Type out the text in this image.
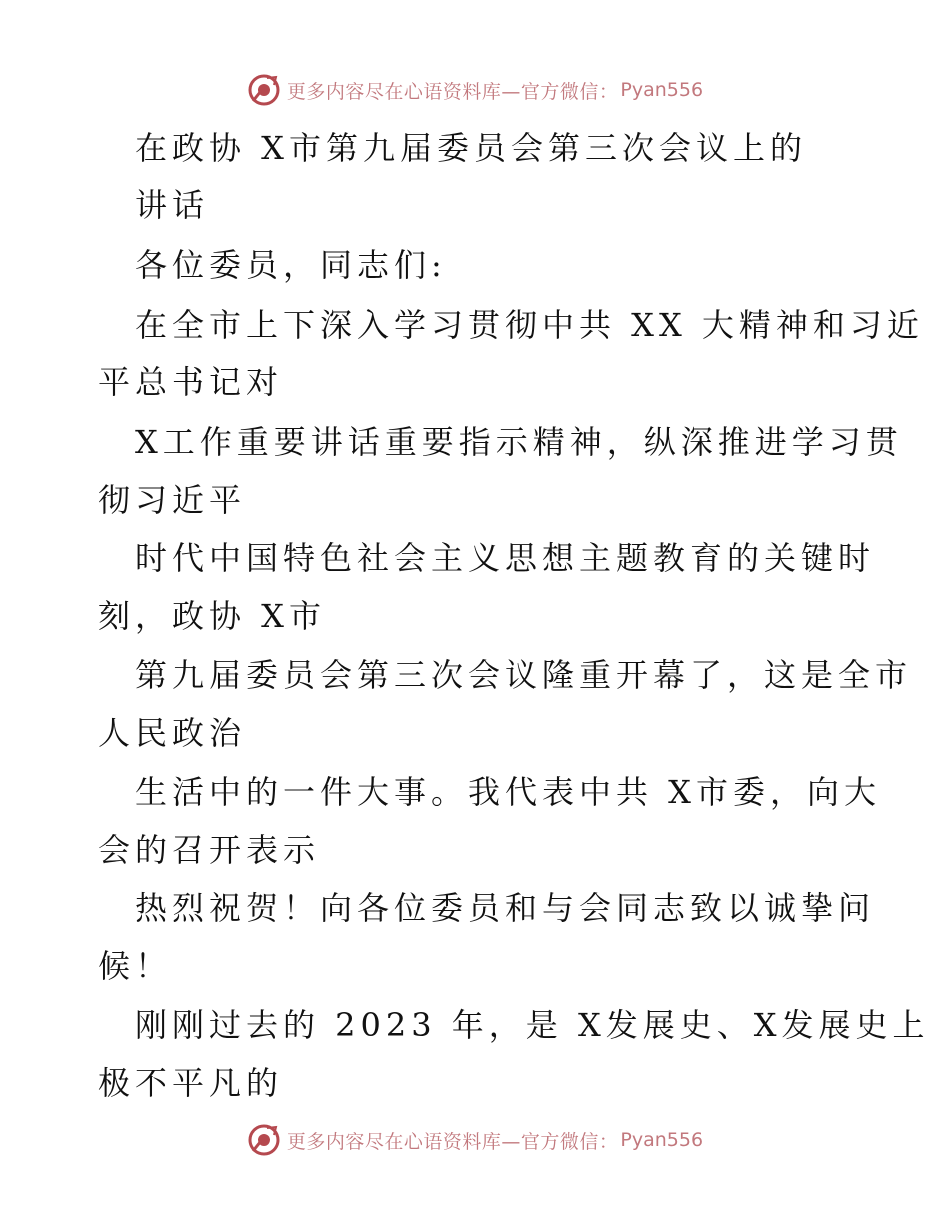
更多内容尽在心语资料库—官方微信： Pyan556
在政协 X市第九届委员会第三次会议上的
讲话
各位委员，同志们:
在全市上下深入学习贯彻中共 XX 大精神和习近
平总书记对
X工作重要讲话重要指示精神，纵深推进学习贯
彻习近平
时代中国特色社会主义思想主题教育的关键时
刻，政协 X市
第九届委员会第三次会议隆重开幕了，这是全市
人民政治
生活中的一件大事。我代表中共 X市委，向大
会的召开表示
热烈祝贺！向各位委员和与会同志致以诚挚问
候！
刚刚过去的 2023 年，是 X发展史、X发展史上
极不平凡的
更多内容尽在心语资料库—官方微信： Pyan556
